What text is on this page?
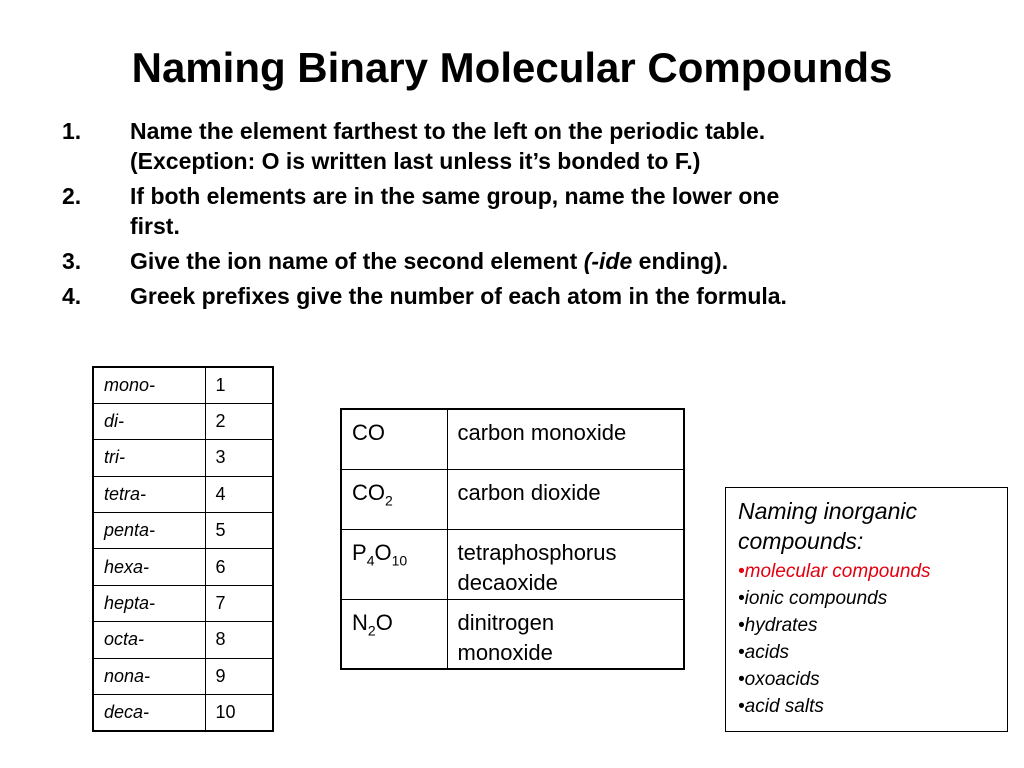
Naming Binary Molecular Compounds
1.	Name the element farthest to the left on the periodic table.
(Exception: O is written last unless it’s bonded to F.)
2.	If both elements are in the same group, name the lower one
first.
3.	Give the ion name of the second element (-ide ending).
4.	Greek prefixes give the number of each atom in the formula.
mono-	1
di-	2
tri-	3
tetra-	4
penta-	5
hexa-	6
hepta-	7
octa-	8
nona-	9
deca-	10
CO	carbon monoxide
$CO_2$	carbon dioxide
$P_4O_{10}$	tetraphosphorus
decaoxide
$N_2O$	dinitrogen
monoxide
Naming inorganic
compounds:
•molecular compounds
•ionic compounds
•hydrates
•acids
•oxoacids
•acid salts
